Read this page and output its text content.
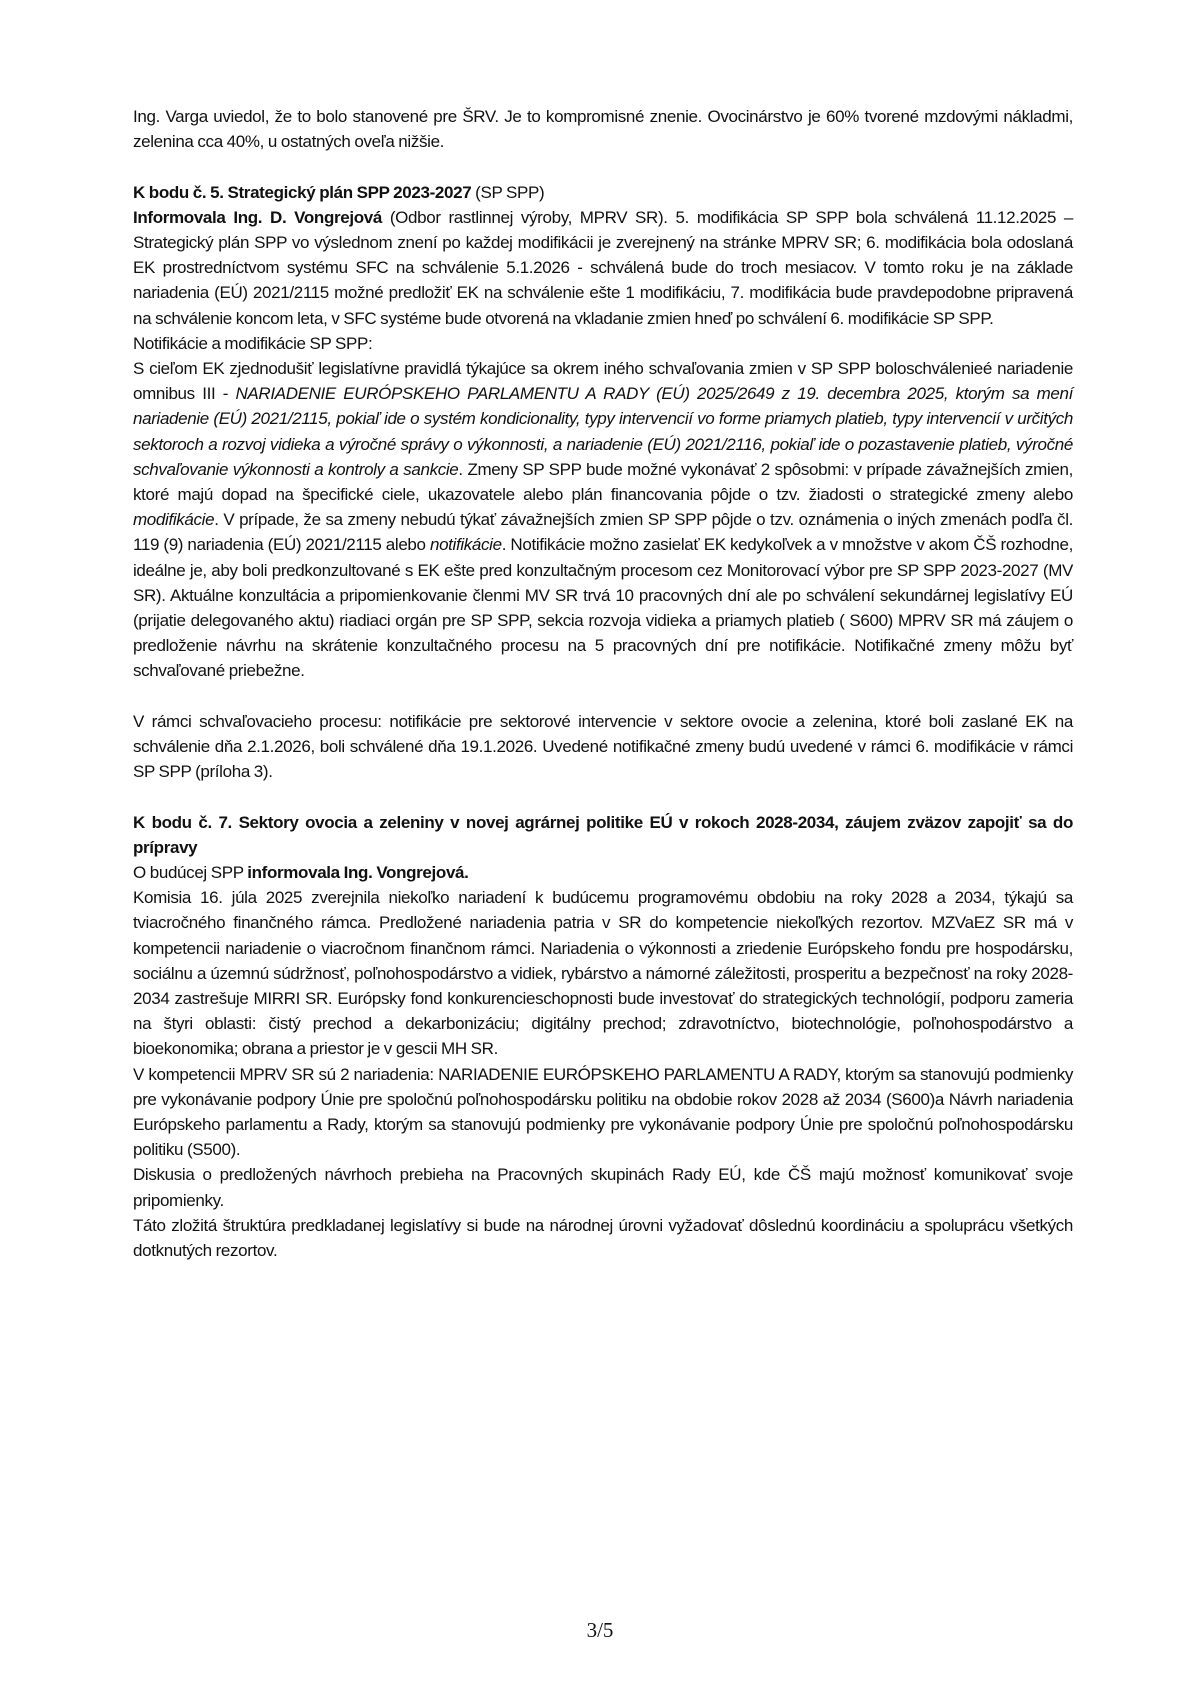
Ing. Varga uviedol, že to bolo stanovené pre ŠRV. Je to kompromisné znenie. Ovocinárstvo je 60% tvorené mzdovými nákladmi, zelenina cca 40%, u ostatných oveľa nižšie.

K bodu č. 5. Strategický plán SPP 2023-2027 (SP SPP)

Informovala Ing. D. Vongrejová (Odbor rastlinnej výroby, MPRV SR). 5. modifikácia SP SPP bola schválená 11.12.2025 – Strategický plán SPP vo výslednom znení po každej modifikácii je zverejnený na stránke MPRV SR; 6. modifikácia bola odoslaná EK prostredníctvom systému SFC na schválenie 5.1.2026 - schválená bude do troch mesiacov. V tomto roku je na základe nariadenia (EÚ) 2021/2115 možné predložiť EK na schválenie ešte 1 modifikáciu, 7. modifikácia bude pravdepodobne pripravená na schválenie koncom leta, v SFC systéme bude otvorená na vkladanie zmien hneď po schválení 6. modifikácie SP SPP.

Notifikácie a modifikácie SP SPP:

S cieľom EK zjednodušiť legislatívne pravidlá týkajúce sa okrem iného schvaľovania zmien v SP SPP boloschválenieé nariadenie omnibus III - NARIADENIE EURÓPSKEHO PARLAMENTU A RADY (EÚ) 2025/2649 z 19. decembra 2025, ktorým sa mení nariadenie (EÚ) 2021/2115, pokiaľ ide o systém kondicionality, typy intervencií vo forme priamych platieb, typy intervencií v určitých sektoroch a rozvoj vidieka a výročné správy o výkonnosti, a nariadenie (EÚ) 2021/2116, pokiaľ ide o pozastavenie platieb, výročné schvaľovanie výkonnosti a kontroly a sankcie. Zmeny SP SPP bude možné vykonávať 2 spôsobmi: v prípade závažnejších zmien, ktoré majú dopad na špecifické ciele, ukazovatele alebo plán financovania pôjde o tzv. žiadosti o strategické zmeny alebo modifikácie. V prípade, že sa zmeny nebudú týkať závažnejších zmien SP SPP pôjde o tzv. oznámenia o iných zmenách podľa čl. 119 (9) nariadenia (EÚ) 2021/2115 alebo notifikácie. Notifikácie možno zasielať EK kedykoľvek a v množstve v akom ČŠ rozhodne, ideálne je, aby boli predkonzultované s EK ešte pred konzultačným procesom cez Monitorovací výbor pre SP SPP 2023-2027 (MV SR). Aktuálne konzultácia a pripomienkovanie členmi MV SR trvá 10 pracovných dní ale po schválení sekundárnej legislatívy EÚ (prijatie delegovaného aktu) riadiaci orgán pre SP SPP, sekcia rozvoja vidieka a priamych platieb ( S600) MPRV SR má záujem o predloženie návrhu na skrátenie konzultačného procesu na 5 pracovných dní pre notifikácie. Notifikačné zmeny môžu byť schvaľované priebežne.

V rámci schvaľovacieho procesu: notifikácie pre sektorové intervencie v sektore ovocie a zelenina, ktoré boli zaslané EK na schválenie dňa 2.1.2026, boli schválené dňa 19.1.2026. Uvedené notifikačné zmeny budú uvedené v rámci 6. modifikácie v rámci SP SPP (príloha 3).

K bodu č. 7. Sektory ovocia a zeleniny v novej agrárnej politike EÚ v rokoch 2028-2034, záujem zväzov zapojiť sa do prípravy

O budúcej SPP informovala Ing. Vongrejová.

Komisia 16. júla 2025 zverejnila niekoľko nariadení k budúcemu programovému obdobiu na roky 2028 a 2034, týkajú sa tviacročného finančného rámca. Predložené nariadenia patria v SR do kompetencie niekoľkých rezortov. MZVaEZ SR má v kompetencii nariadenie o viacročnom finančnom rámci. Nariadenia o výkonnosti a zriedenie Európskeho fondu pre hospodársku, sociálnu a územnú súdržnosť, poľnohospodárstvo a vidiek, rybárstvo a námorné záležitosti, prosperitu a bezpečnosť na roky 2028-2034 zastrešuje MIRRI SR. Európsky fond konkurencieschopnosti bude investovať do strategických technológií, podporu zameria na štyri oblasti: čistý prechod a dekarbonizáciu; digitálny prechod; zdravotníctvo, biotechnológie, poľnohospodárstvo a bioekonomika; obrana a priestor je v gescii MH SR.

V kompetencii MPRV SR sú 2 nariadenia: NARIADENIE EURÓPSKEHO PARLAMENTU A RADY, ktorým sa stanovujú podmienky pre vykonávanie podpory Únie pre spoločnú poľnohospodársku politiku na obdobie rokov 2028 až 2034 (S600)a Návrh nariadenia Európskeho parlamentu a Rady, ktorým sa stanovujú podmienky pre vykonávanie podpory Únie pre spoločnú poľnohospodársku politiku (S500).

Diskusia o predložených návrhoch prebieha na Pracovných skupinách Rady EÚ, kde ČŠ majú možnosť komunikovať svoje pripomienky.

Táto zložitá štruktúra predkladanej legislatívy si bude na národnej úrovni vyžadovať dôslednú koordináciu a spoluprácu všetkých dotknutých rezortov.

3/5
